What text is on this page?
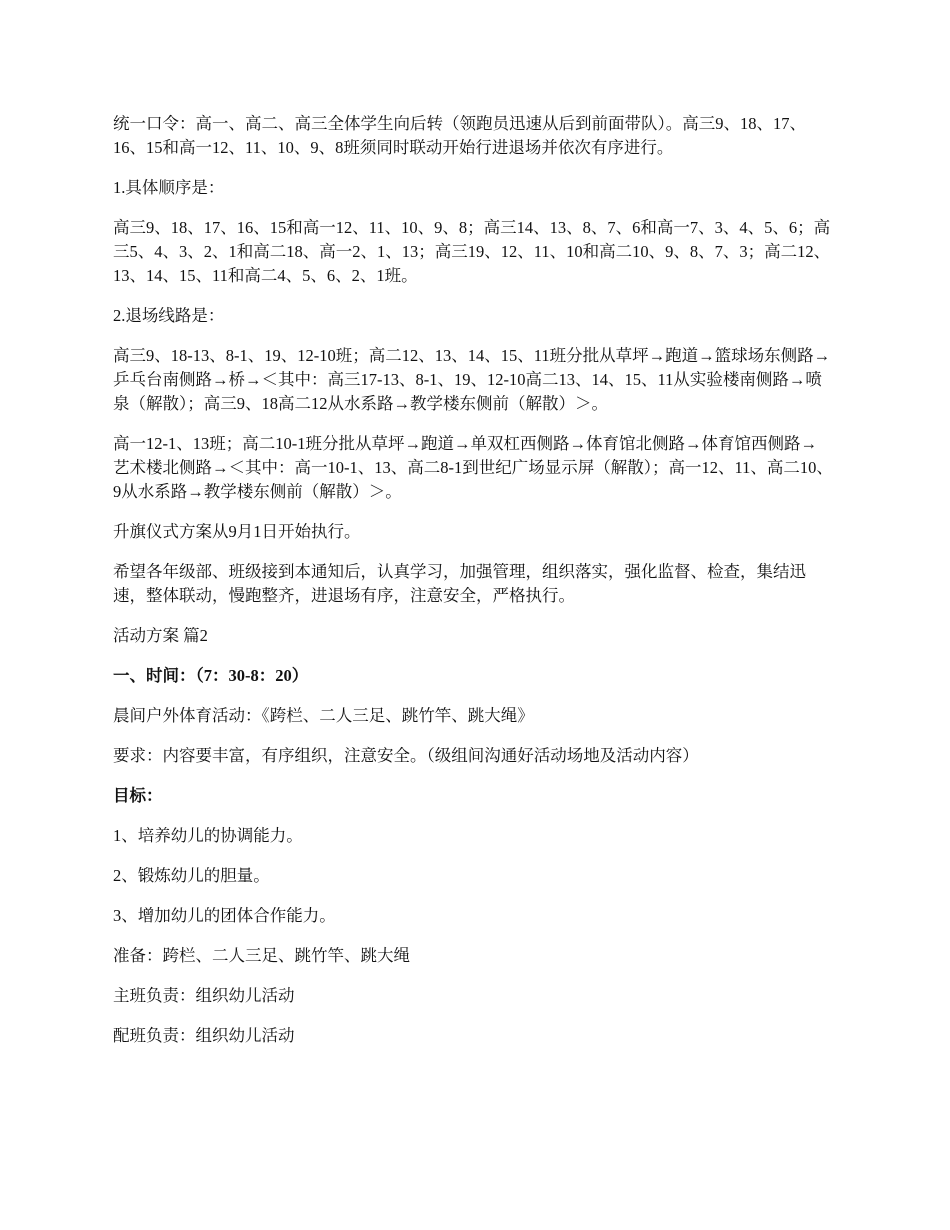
统一口令：高一、高二、高三全体学生向后转（领跑员迅速从后到前面带队）。高三9、18、17、16、15和高一12、11、10、9、8班须同时联动开始行进退场并依次有序进行。

1.具体顺序是：

高三9、18、17、16、15和高一12、11、10、9、8；高三14、13、8、7、6和高一7、3、4、5、6；高三5、4、3、2、1和高二18、高一2、1、13；高三19、12、11、10和高二10、9、8、7、3；高二12、13、14、15、11和高二4、5、6、2、1班。

2.退场线路是：

高三9、18-13、8-1、19、12-10班；高二12、13、14、15、11班分批从草坪→跑道→篮球场东侧路→乒乓台南侧路→桥→＜其中：高三17-13、8-1、19、12-10高二13、14、15、11从实验楼南侧路→喷泉（解散）；高三9、18高二12从水系路→教学楼东侧前（解散）＞。

高一12-1、13班；高二10-1班分批从草坪→跑道→单双杠西侧路→体育馆北侧路→体育馆西侧路→艺术楼北侧路→＜其中：高一10-1、13、高二8-1到世纪广场显示屏（解散）；高一12、11、高二10、9从水系路→教学楼东侧前（解散）＞。

升旗仪式方案从9月1日开始执行。

希望各年级部、班级接到本通知后，认真学习，加强管理，组织落实，强化监督、检查，集结迅速，整体联动，慢跑整齐，进退场有序，注意安全，严格执行。

活动方案 篇2

一、时间：（7：30-8：20）

晨间户外体育活动：《跨栏、二人三足、跳竹竿、跳大绳》

要求：内容要丰富，有序组织，注意安全。（级组间沟通好活动场地及活动内容）

目标：

1、培养幼儿的协调能力。

2、锻炼幼儿的胆量。

3、增加幼儿的团体合作能力。

准备：跨栏、二人三足、跳竹竿、跳大绳

主班负责：组织幼儿活动

配班负责：组织幼儿活动
